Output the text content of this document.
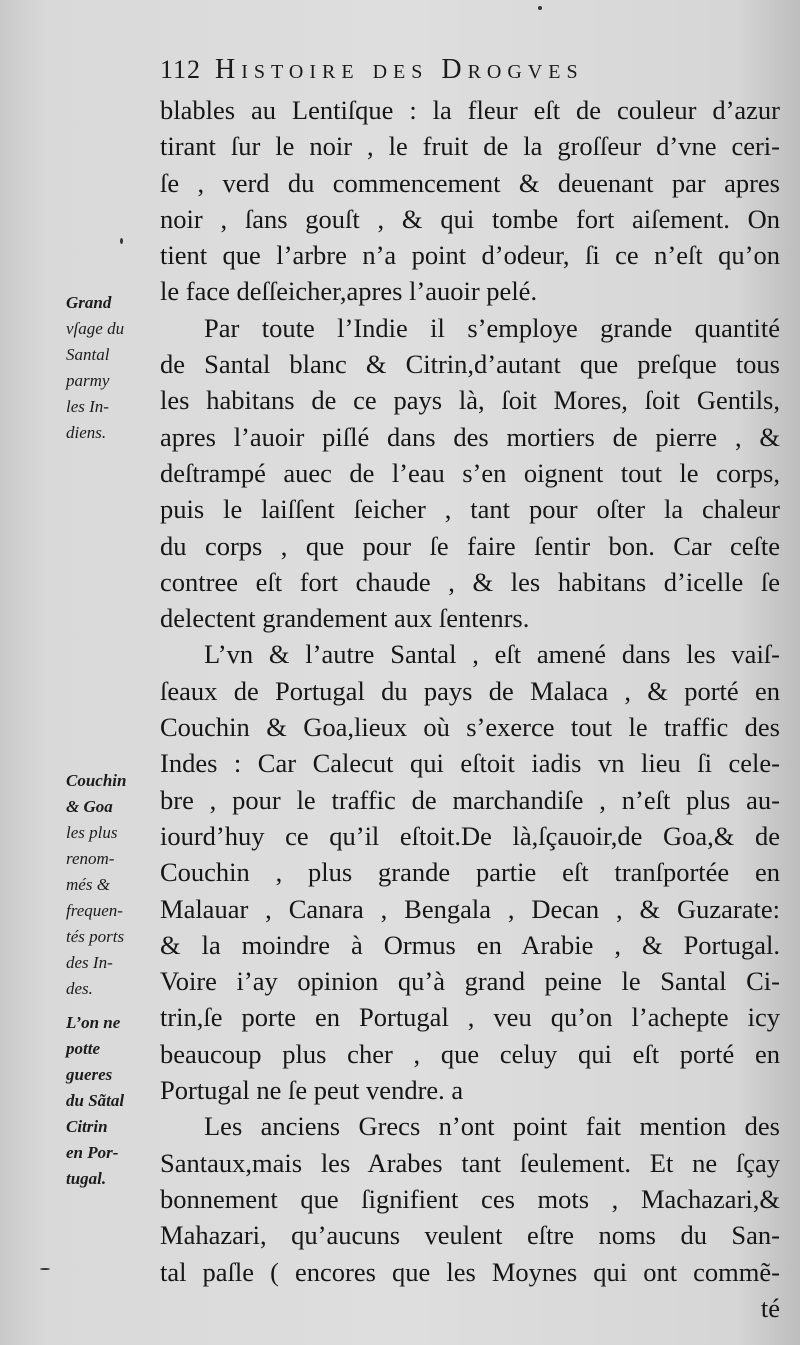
112 Histoire des Drogves
blables au Lentiſque : la fleur eſt de couleur d’azur
tirant ſur le noir , le fruit de la groſſeur d’vne ceri-
ſe , verd du commencement & deuenant par apres
noir , ſans gouſt , & qui tombe fort aiſement. On
tient que l’arbre n’a point d’odeur, ſi ce n’eſt qu’on
le face deſſeicher,apres l’auoir pelé.
Par toute l’Indie il s’employe grande quantité
de Santal blanc & Citrin,d’autant que preſque tous
les habitans de ce pays là, ſoit Mores, ſoit Gentils,
apres l’auoir piſlé dans des mortiers de pierre , &
deſtrampé auec de l’eau s’en oignent tout le corps,
puis le laiſſent ſeicher , tant pour oſter la chaleur
du corps , que pour ſe faire ſentir bon. Car ceſte
contree eſt fort chaude , & les habitans d’icelle ſe
delectent grandement aux ſentenrs.
L’vn & l’autre Santal , eſt amené dans les vaiſ-
ſeaux de Portugal du pays de Malaca , & porté en
Couchin & Goa,lieux où s’exerce tout le traffic des
Indes : Car Calecut qui eſtoit iadis vn lieu ſi cele-
bre , pour le traffic de marchandiſe , n’eſt plus au-
iourd’huy ce qu’il eſtoit.De là,ſçauoir,de Goa,& de
Couchin , plus grande partie eſt tranſportée en
Malauar , Canara , Bengala , Decan , & Guzarate:
& la moindre à Ormus en Arabie , & Portugal.
Voire i’ay opinion qu’à grand peine le Santal Ci-
trin,ſe porte en Portugal , veu qu’on l’achepte icy
beaucoup plus cher , que celuy qui eſt porté en
Portugal ne ſe peut vendre. a
Les anciens Grecs n’ont point fait mention des
Santaux,mais les Arabes tant ſeulement. Et ne ſçay
bonnement que ſignifient ces mots , Machazari,&
Mahazari, qu’aucuns veulent eſtre noms du San-
tal paſle ( encores que les Moynes qui ont commẽ-
té
Grand
vſage du
Santal
parmy
les In-
diens.
Couchin
& Goa
les plus
renom-
més &
frequen-
tés ports
des In-
des.
L’on ne
potte
gueres
du Sãtal
Citrin
en Por-
tugal.
